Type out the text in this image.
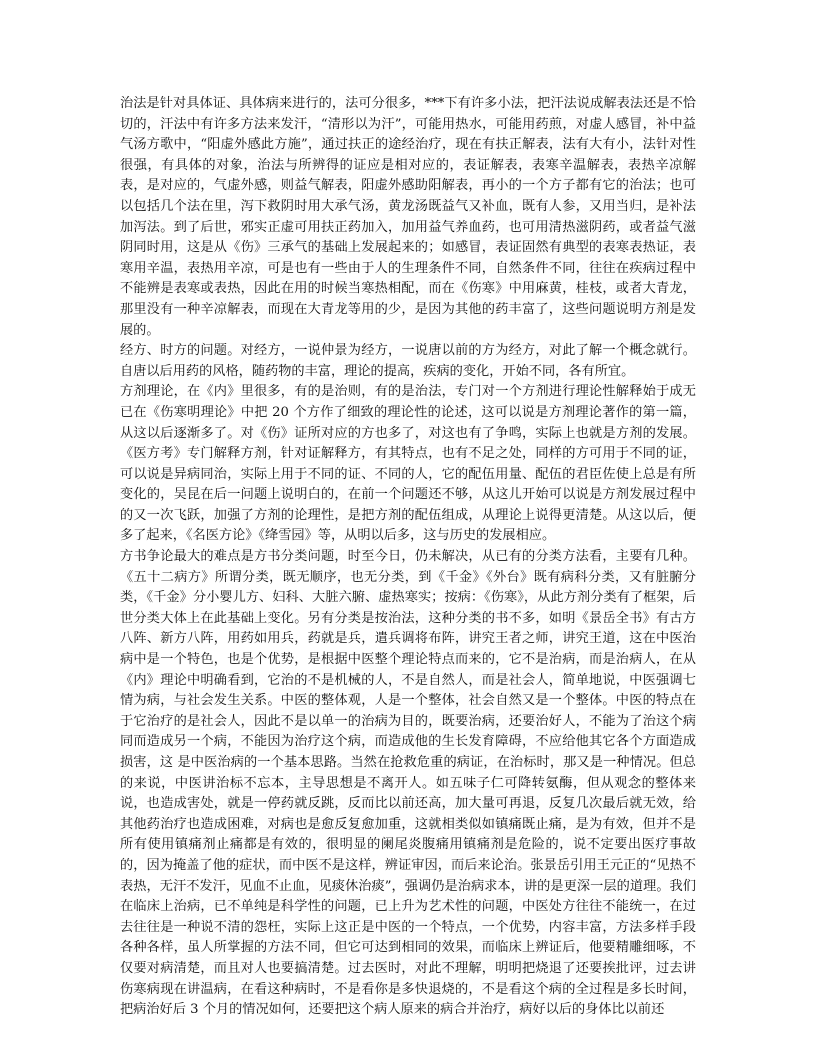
治法是针对具体证、具体病来进行的，法可分很多，***下有许多小法，把汗法说成解表法还是不恰切的，汗法中有许多方法来发汗，“清形以为汗”，可能用热水，可能用药煎，对虚人感冒，补中益气汤方歌中，“阳虚外感此方施”，通过扶正的途经治疗，现在有扶正解表，法有大有小，法针对性很强，有具体的对象，治法与所辨得的证应是相对应的，表证解表，表寒辛温解表，表热辛凉解表，是对应的，气虚外感，则益气解表，阳虚外感助阳解表，再小的一个方子都有它的治法；也可以包括几个法在里，泻下救阴时用大承气汤，黄龙汤既益气又补血，既有人参，又用当归，是补法加泻法。到了后世，邪实正虚可用扶正药加入，加用益气养血药，也可用清热滋阴药，或者益气滋阴同时用，这是从《伤》三承气的基础上发展起来的；如感冒，表证固然有典型的表寒表热证，表寒用辛温，表热用辛凉，可是也有一些由于人的生理条件不同，自然条件不同，往往在疾病过程中不能辨是表寒或表热，因此在用的时候当寒热相配，而在《伤寒》中用麻黄，桂枝，或者大青龙，那里没有一种辛凉解表，而现在大青龙等用的少，是因为其他的药丰富了，这些问题说明方剂是发展的。

经方、时方的问题。对经方，一说仲景为经方，一说唐以前的方为经方，对此了解一个概念就行。自唐以后用药的风格，随药物的丰富，理论的提高，疾病的变化，开始不同，各有所宜。

方剂理论，在《内》里很多，有的是治则，有的是治法，专门对一个方剂进行理论性解释始于成无已在《伤寒明理论》中把 20 个方作了细致的理论性的论述，这可以说是方剂理论著作的第一篇，从这以后逐渐多了。对《伤》证所对应的方也多了，对这也有了争鸣，实际上也就是方剂的发展。《医方考》专门解释方剂，针对证解释方，有其特点，也有不足之处，同样的方可用于不同的证，可以说是异病同治，实际上用于不同的证、不同的人，它的配伍用量、配伍的君臣佐使上总是有所变化的，吴昆在后一问题上说明白的，在前一个问题还不够，从这儿开始可以说是方剂发展过程中的又一次飞跃，加强了方剂的论理性，是把方剂的配伍组成，从理论上说得更清楚。从这以后，便多了起来，《名医方论》《绛雪园》等，从明以后多，这与历史的发展相应。

方书争论最大的难点是方书分类问题，时至今日，仍未解决，从已有的分类方法看，主要有几种。《五十二病方》所谓分类，既无顺序，也无分类，到《千金》《外台》既有病科分类，又有脏腑分类，《千金》分小婴儿方、妇科、大脏六腑、虚热寒实；按病：《伤寒》，从此方剂分类有了框架，后世分类大体上在此基础上变化。另有分类是按治法，这种分类的书不多，如明《景岳全书》有古方八阵、新方八阵，用药如用兵，药就是兵，遣兵调将布阵，讲究王者之师，讲究王道，这在中医治病中是一个特色，也是个优势，是根据中医整个理论特点而来的，它不是治病，而是治病人，在从《内》理论中明确看到，它治的不是机械的人，不是自然人，而是社会人，简单地说，中医强调七情为病，与社会发生关系。中医的整体观，人是一个整体，社会自然又是一个整体。中医的特点在于它治疗的是社会人，因此不是以单一的治病为目的，既要治病，还要治好人，不能为了治这个病同而造成另一个病，不能因为治疗这个病，而造成他的生长发育障碍，不应给他其它各个方面造成损害，这 是中医治病的一个基本思路。当然在抢救危重的病证，在治标时，那又是一种情况。但总的来说，中医讲治标不忘本，主导思想是不离开人。如五味子仁可降转氨酶，但从观念的整体来说，也造成害处，就是一停药就反跳，反而比以前还高，加大量可再退，反复几次最后就无效，给其他药治疗也造成困难，对病也是愈反复愈加重，这就相类似如镇痛既止痛，是为有效，但并不是所有使用镇痛剂止痛都是有效的，很明显的阑尾炎腹痛用镇痛剂是危险的，说不定要出医疗事故的，因为掩盖了他的症状，而中医不是这样，辨证审因，而后来论治。张景岳引用王元正的“见热不表热，无汗不发汗，见血不止血，见痰休治痰”，强调仍是治病求本，讲的是更深一层的道理。我们在临床上治病，已不单纯是科学性的问题，已上升为艺术性的问题，中医处方往往不能统一，在过去往往是一种说不清的怨枉，实际上这正是中医的一个特点，一个优势，内容丰富，方法多样手段各种各样，虽人所掌握的方法不同，但它可达到相同的效果，而临床上辨证后，他要精雕细啄，不仅要对病清楚，而且对人也要搞清楚。过去医时，对此不理解，明明把烧退了还要挨批评，过去讲伤寒病现在讲温病，在看这种病时，不是看你是多快退烧的，不是看这个病的全过程是多长时间，把病治好后 3 个月的情况如何，还要把这个病人原来的病合并治疗，病好以后的身体比以前还
